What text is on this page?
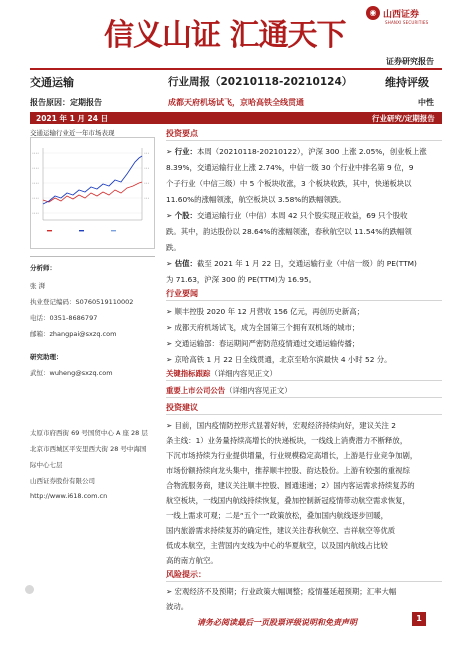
信义山证 汇通天下
◉ 山西证券
SHANXI SECURITIES
证券研究报告
交通运输	行业周报（20210118-20210124）	维持评级
报告原因：定期报告	成都天府机场试飞，京哈高铁全线贯通	中性
2021 年 1 月 24 日	行业研究/定期报告
交通运输行业近一年市场表现
••••
••••
••••
••••
••••
•••
•••
•••
•••
分析师：
张 湃
执业登记编码：S0760519110002
电话：0351-8686797
邮箱：zhangpai@sxzq.com
研究助理：
武恒：wuheng@sxzq.com
太原市府西街 69 号国贸中心 A 座 28 层
北京市西城区平安里西大街 28 号中海国
际中心七层
山西证券股份有限公司
http://www.i618.com.cn
投资要点
➢ 行业：本周（20210118-20210122），沪深 300 上涨 2.05%，创业板上涨
8.39%，交通运输行业上涨 2.74%，中信一级 30 个行业中排名第 9 位，9
个子行业（中信三级）中 5 个板块收涨，3 个板块收跌，其中，快递板块以
11.60%的涨幅领涨，航空板块以 3.58%的跌幅领跌。
➢ 个股：交通运输行业（中信）本周 42 只个股实现正收益，69 只个股收
跌。其中，韵达股份以 28.64%的涨幅领涨，春秋航空以 11.54%的跌幅领
跌。
➢ 估值：截至 2021 年 1 月 22 日，交通运输行业（中信一级）的 PE(TTM)
为 71.63，沪深 300 的 PE(TTM)为 16.95。
行业要闻
➢ 顺丰控股 2020 年 12 月营收 156 亿元，再创历史新高；
➢ 成都天府机场试飞，成为全国第三个拥有双机场的城市；
➢ 交通运输部：春运期间严密防范疫情通过交通运输传播；
➢ 京哈高铁 1 月 22 日全线贯通，北京至哈尔滨最快 4 小时 52 分。
关键指标跟踪（详细内容见正文）
重要上市公司公告（详细内容见正文）
投资建议
➢ 目前，国内疫情防控形式显著好转，宏观经济持续向好，建议关注 2
条主线：1）业务量持续高增长的快递板块，一线线上消费潜力不断释放，
下沉市场持续为行业提供增量，行业规模稳定高增长，上游是行业竞争加剧，
市场份额持续向龙头集中，推荐顺丰控股、韵达股份。上游有较强的重视综
合物流服务商，建议关注顺丰控股、圆通速递；2）国内客运需求持续复苏的
航空板块，一线国内航线持续恢复，叠加控制新冠疫情带动航空需求恢复，
一线上需求可观；二是“五个一”政策放松，叠加国内航线逐步回暖，
国内旅游需求持续复苏的确定性，建议关注春秋航空、吉祥航空等优质
低成本航空，主营国内支线为中心的华夏航空，以及国内航线占比较
高的南方航空。
风险提示：
➢ 宏观经济不及预期；行业政策大幅调整；疫情蔓延超预期；汇率大幅
波动。
请务必阅读最后一页股票评级说明和免责声明	1
